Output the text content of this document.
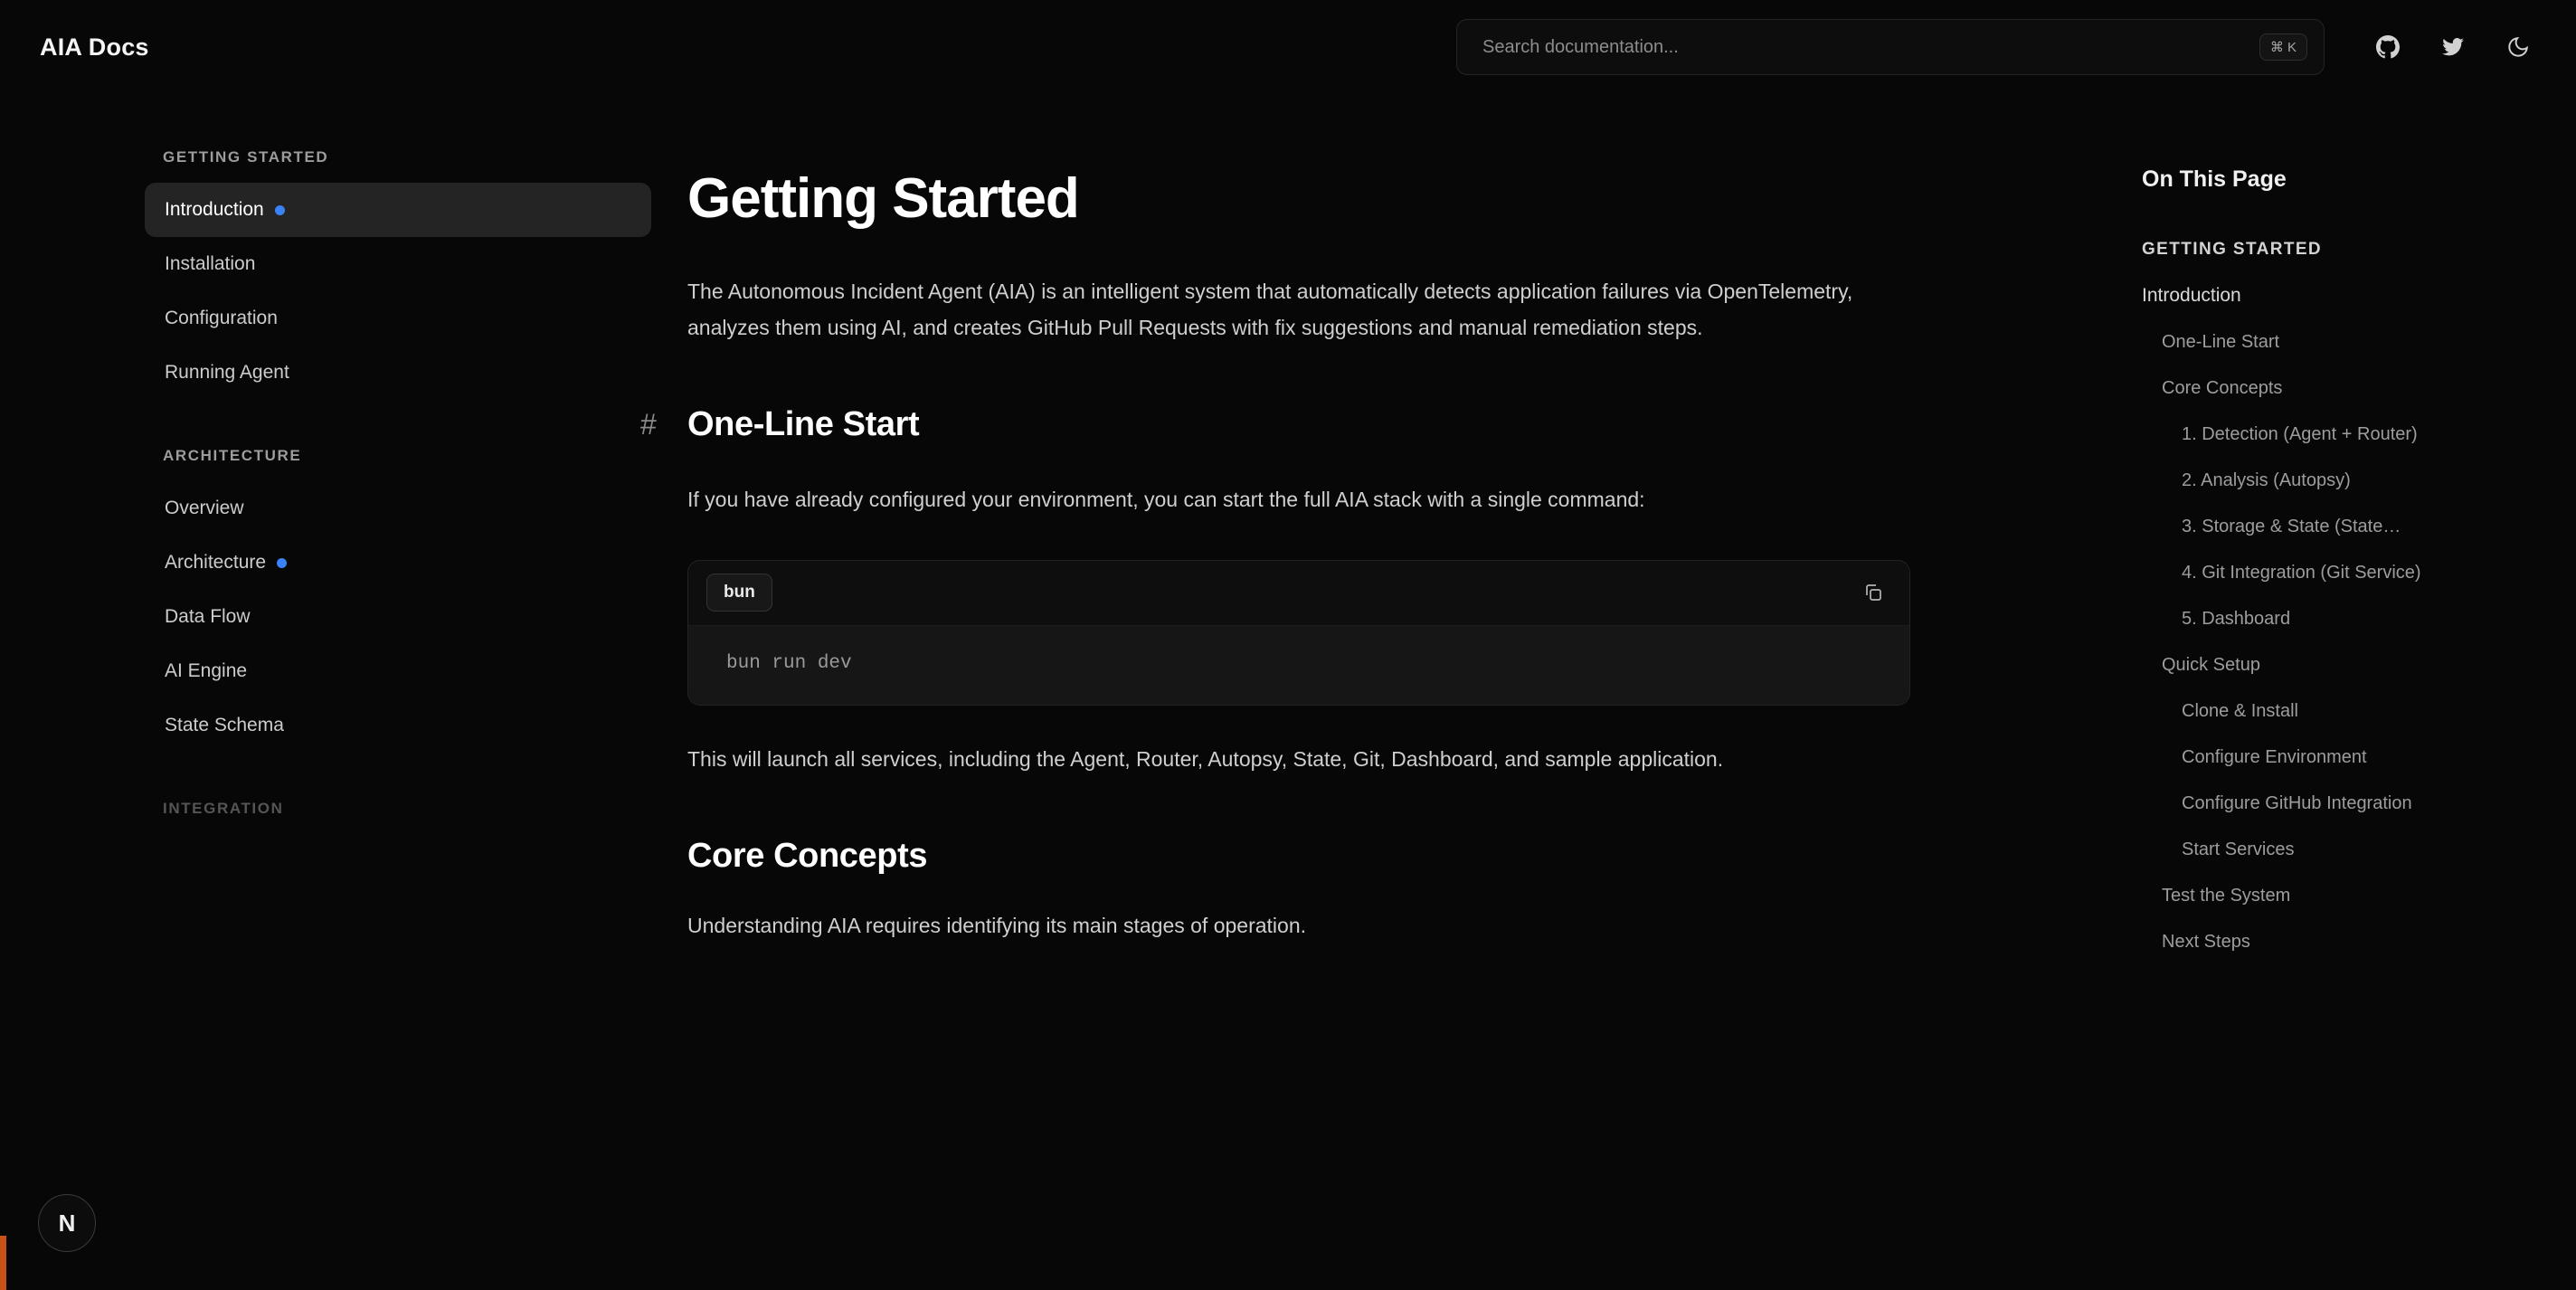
AIA Docs
Search documentation...	⌘ K
GETTING STARTED
Introduction
Installation
Configuration
Running Agent
ARCHITECTURE
Overview
Architecture
Data Flow
AI Engine
State Schema
INTEGRATION
Getting Started

The Autonomous Incident Agent (AIA) is an intelligent system that automatically detects application failures via OpenTelemetry, analyzes them using AI, and creates GitHub Pull Requests with fix suggestions and manual remediation steps.

# One-Line Start

If you have already configured your environment, you can start the full AIA stack with a single command:

bun
bun run dev

This will launch all services, including the Agent, Router, Autopsy, State, Git, Dashboard, and sample application.

Core Concepts

Understanding AIA requires identifying its main stages of operation.

On This Page
GETTING STARTED
Introduction
One-Line Start
Core Concepts
1. Detection (Agent + Router)
2. Analysis (Autopsy)
3. Storage & State (State…
4. Git Integration (Git Service)
5. Dashboard
Quick Setup
Clone & Install
Configure Environment
Configure GitHub Integration
Start Services
Test the System
Next Steps
N
